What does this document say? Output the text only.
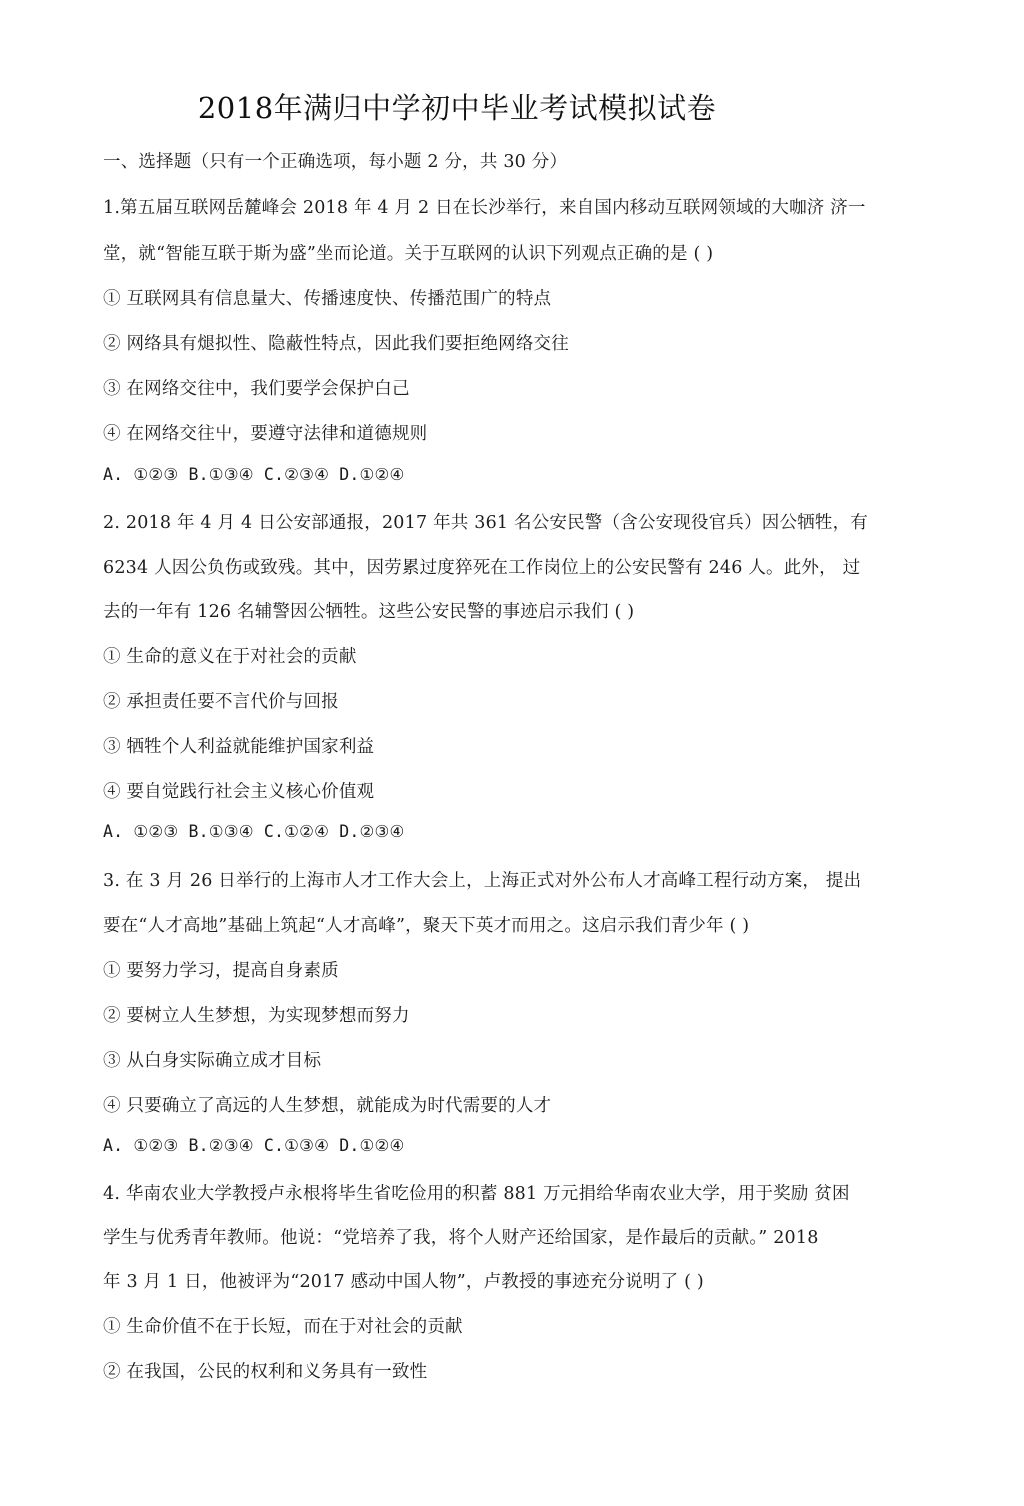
2018年满归中学初中毕业考试模拟试卷
一、选择题（只有一个正确选项，每小题 2 分，共 30 分）
1.第五届互联网岳麓峰会 2018 年 4 月 2 日在长沙举行，来自国内移动互联网领域的大咖济 济一
堂，就“智能互联于斯为盛”坐而论道。关于互联网的认识下列观点正确的是 ( )
① 互联网具有信息量大、传播速度快、传播范围广的特点
② 网络具有煺拟性、隐蔽性特点，因此我们要拒绝网络交往
③ 在网络交往中，我们要学会保护白己
④ 在网络交往屮，要遵守法律和道德规则
A. ①②③ B.①③④ C.②③④ D.①②④
2. 2018 年 4 月 4 日公安部通报，2017 年共 361 名公安民警（含公安现役官兵）因公牺牲，有
6234 人因公负伤或致残。其中，因劳累过度猝死在工作岗位上的公安民警有 246 人。此外， 过
去的一年有 126 名辅警因公牺牲。这些公安民警的事迹启示我们 ( )
① 生命的意义在于对社会的贡献
② 承担责任要不言代价与回报
③ 牺牲个人利益就能维护国家利益
④ 要自觉践行社会主义核心价值观
A. ①②③ B.①③④ C.①②④ D.②③④
3. 在 3 月 26 日举行的上海市人才工作大会上，上海正式对外公布人才高峰工程行动方案， 提出
要在“人才高地”基础上筑起“人才高峰”，聚天下英才而用之。这启示我们青少年 ( )
① 要努力学习，提高自身素质
② 要树立人生梦想，为实现梦想而努力
③ 从白身实际确立成才目标
④ 只要确立了高远的人生梦想，就能成为时代需要的人才
A. ①②③ B.②③④ C.①③④ D.①②④
4. 华南农业大学教授卢永根将毕生省吃俭用的积蓄 881 万元捐给华南农业大学，用于奖励 贫困
学生与优秀青年教师。他说：“党培养了我，将个人财产还给国家，是作最后的贡献。” 2018
年 3 月 1 日，他被评为“2017 感动中国人物”，卢教授的事迹充分说明了 ( )
① 生命价值不在于长短，而在于对社会的贡献
② 在我国，公民的权利和义务具有一致性
